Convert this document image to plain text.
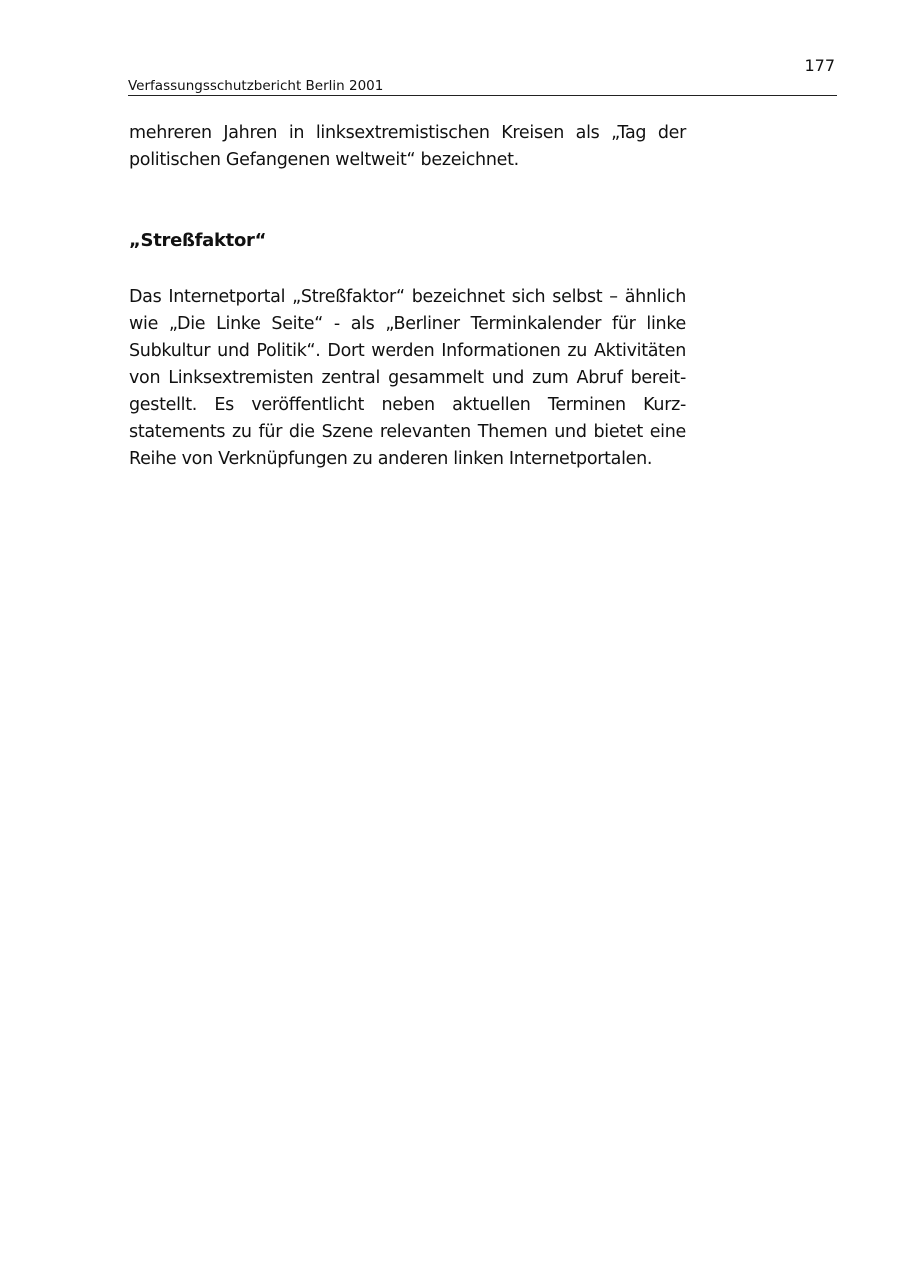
177
Verfassungsschutzbericht Berlin 2001
mehreren Jahren in linksextremistischen Kreisen als „Tag der
politischen Gefangenen weltweit“ bezeichnet.
„Streßfaktor“
Das Internetportal „Streßfaktor“ bezeichnet sich selbst – ähnlich
wie „Die Linke Seite“ - als „Berliner Terminkalender für linke
Subkultur und Politik“. Dort werden Informationen zu Aktivitäten
von Linksextremisten zentral gesammelt und zum Abruf bereit-
gestellt. Es veröffentlicht neben aktuellen Terminen Kurz-
statements zu für die Szene relevanten Themen und bietet eine
Reihe von Verknüpfungen zu anderen linken Internetportalen.
